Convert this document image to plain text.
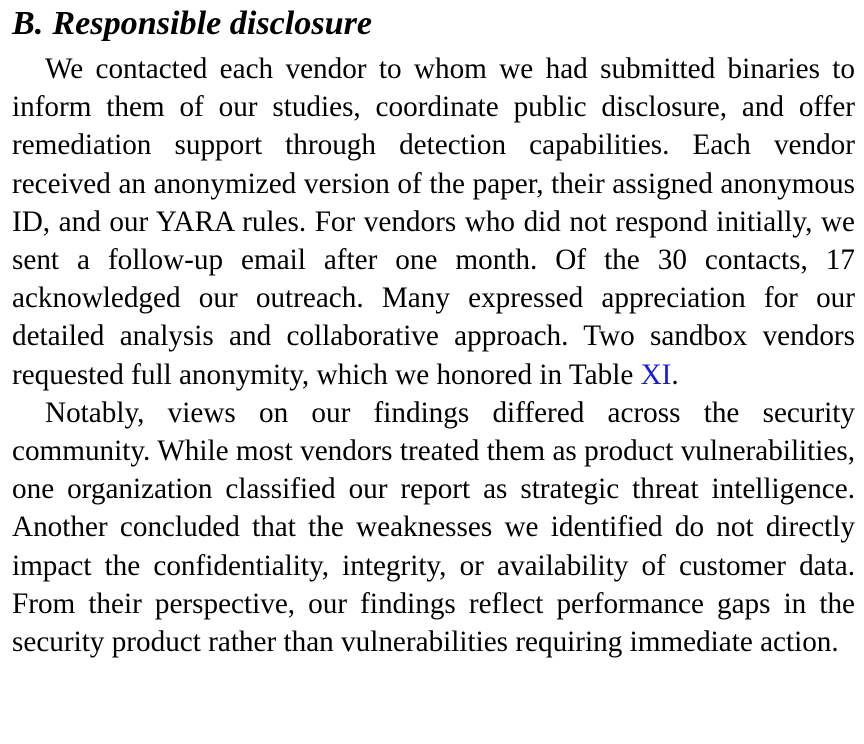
B. Responsible disclosure

We contacted each vendor to whom we had submitted binaries to inform them of our studies, coordinate public disclosure, and offer remediation support through detection capabilities. Each vendor received an anonymized version of the paper, their assigned anonymous ID, and our YARA rules. For vendors who did not respond initially, we sent a follow-up email after one month. Of the 30 contacts, 17 acknowledged our outreach. Many expressed appreciation for our detailed analysis and collaborative approach. Two sandbox vendors requested full anonymity, which we honored in Table XI.

Notably, views on our findings differed across the security community. While most vendors treated them as product vulnerabilities, one organization classified our report as strategic threat intelligence. Another concluded that the weaknesses we identified do not directly impact the confidentiality, integrity, or availability of customer data. From their perspective, our findings reflect performance gaps in the security product rather than vulnerabilities requiring immediate action.
